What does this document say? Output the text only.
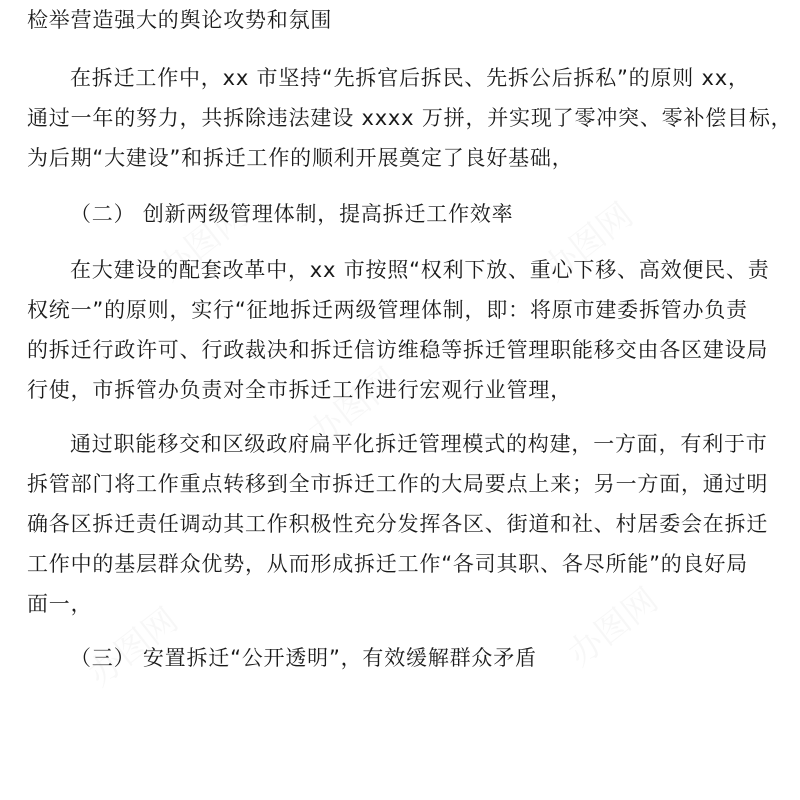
办图网	办图网
办图网
办图网	办图网
检举营造强大的舆论攻势和氛围
在拆迁工作中，xx 市坚持“先拆官后拆民、先拆公后拆私”的原则 xx，
通过一年的努力，共拆除违法建设 xxxx 万拼，并实现了零冲突、零补偿目标，
为后期“大建设”和拆迁工作的顺利开展奠定了良好基础，
（二） 创新两级管理体制，提高拆迁工作效率
在大建设的配套改革中，xx 市按照“权利下放、重心下移、高效便民、责
权统一”的原则，实行“征地拆迁两级管理体制，即：将原市建委拆管办负责
的拆迁行政许可、行政裁决和拆迁信访维稳等拆迁管理职能移交由各区建设局
行使，市拆管办负责对全市拆迁工作进行宏观行业管理，
通过职能移交和区级政府扁平化拆迁管理模式的构建，一方面，有利于市
拆管部门将工作重点转移到全市拆迁工作的大局要点上来；另一方面，通过明
确各区拆迁责任调动其工作积极性充分发挥各区、街道和社、村居委会在拆迁
工作中的基层群众优势，从而形成拆迁工作“各司其职、各尽所能”的良好局
面一，
（三） 安置拆迁“公开透明”，有效缓解群众矛盾
